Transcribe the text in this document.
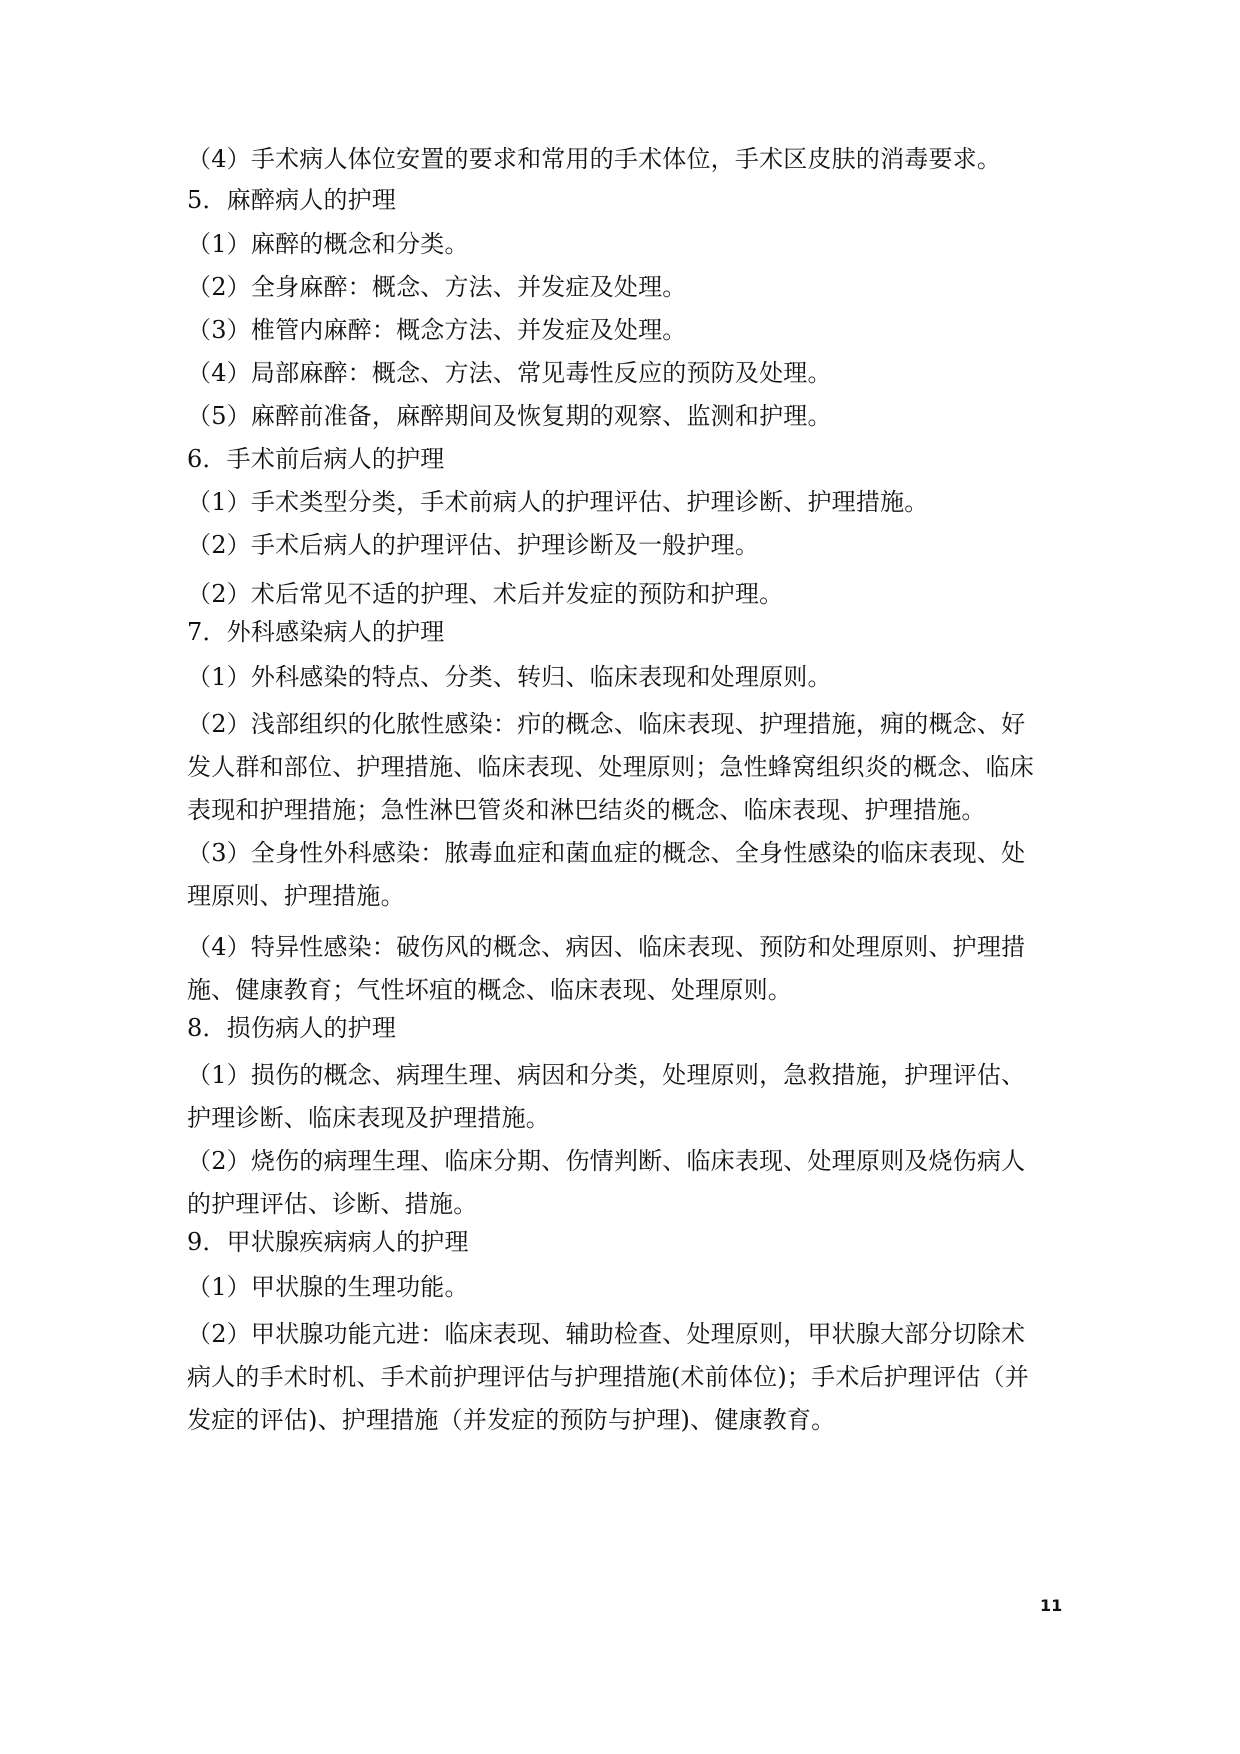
（4）手术病人体位安置的要求和常用的手术体位，手术区皮肤的消毒要求。
5．麻醉病人的护理
（1）麻醉的概念和分类。
（2）全身麻醉：概念、方法、并发症及处理。
（3）椎管内麻醉：概念方法、并发症及处理。
（4）局部麻醉：概念、方法、常见毒性反应的预防及处理。
（5）麻醉前准备，麻醉期间及恢复期的观察、监测和护理。
6．手术前后病人的护理
（1）手术类型分类，手术前病人的护理评估、护理诊断、护理措施。
（2）手术后病人的护理评估、护理诊断及一般护理。
（2）术后常见不适的护理、术后并发症的预防和护理。
7．外科感染病人的护理
（1）外科感染的特点、分类、转归、临床表现和处理原则。
（2）浅部组织的化脓性感染：疖的概念、临床表现、护理措施，痈的概念、好
发人群和部位、护理措施、临床表现、处理原则；急性蜂窝组织炎的概念、临床
表现和护理措施；急性淋巴管炎和淋巴结炎的概念、临床表现、护理措施。
（3）全身性外科感染：脓毒血症和菌血症的概念、全身性感染的临床表现、处
理原则、护理措施。
（4）特异性感染：破伤风的概念、病因、临床表现、预防和处理原则、护理措
施、健康教育；气性坏疽的概念、临床表现、处理原则。
8．损伤病人的护理
（1）损伤的概念、病理生理、病因和分类，处理原则，急救措施，护理评估、
护理诊断、临床表现及护理措施。
（2）烧伤的病理生理、临床分期、伤情判断、临床表现、处理原则及烧伤病人
的护理评估、诊断、措施。
9．甲状腺疾病病人的护理
（1）甲状腺的生理功能。
（2）甲状腺功能亢进：临床表现、辅助检查、处理原则，甲状腺大部分切除术
病人的手术时机、手术前护理评估与护理措施(术前体位)；手术后护理评估（并
发症的评估)、护理措施（并发症的预防与护理)、健康教育。
11
